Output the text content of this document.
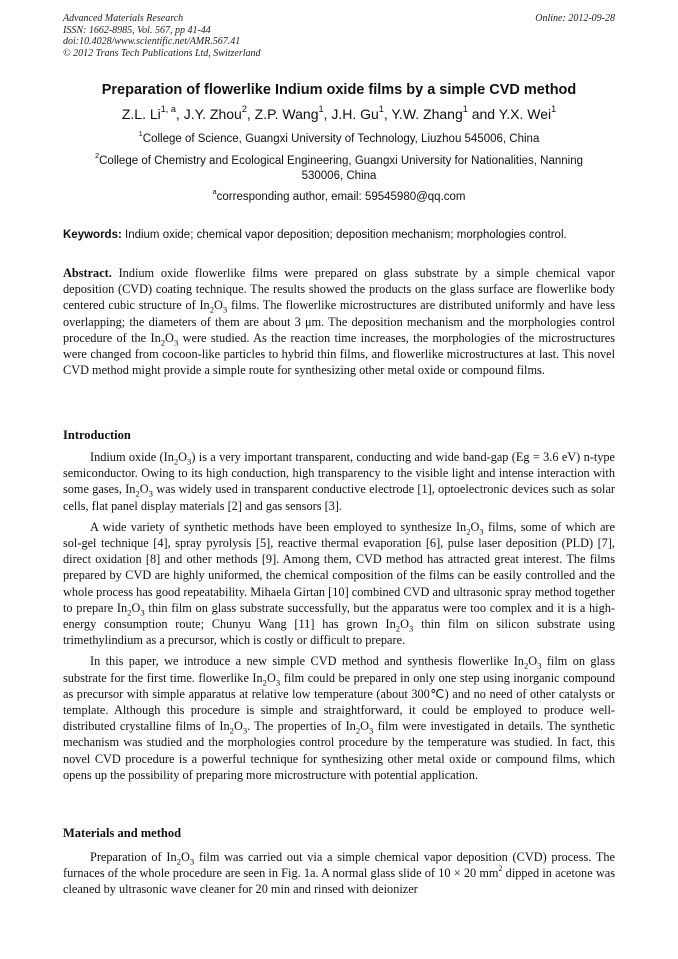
Advanced Materials Research
ISSN: 1662-8985, Vol. 567, pp 41-44
doi:10.4028/www.scientific.net/AMR.567.41
© 2012 Trans Tech Publications Ltd, Switzerland
Online: 2012-09-28
Preparation of flowerlike Indium oxide films by a simple CVD method
Z.L. Li$^{1, a}$, J.Y. Zhou$^2$, Z.P. Wang$^1$, J.H. Gu$^1$, Y.W. Zhang$^1$ and Y.X. Wei$^1$
$^1$College of Science, Guangxi University of Technology, Liuzhou 545006, China
$^2$College of Chemistry and Ecological Engineering, Guangxi University for Nationalities, Nanning
530006, China
$^a$corresponding author, email: 59545980@qq.com
Keywords: Indium oxide; chemical vapor deposition; deposition mechanism; morphologies control.

Abstract. Indium oxide flowerlike films were prepared on glass substrate by a simple chemical vapor deposition (CVD) coating technique. The results showed the products on the glass surface are flowerlike body centered cubic structure of $In_2O_3$ films. The flowerlike microstructures are distributed uniformly and have less overlapping; the diameters of them are about 3 μm. The deposition mechanism and the morphologies control procedure of the $In_2O_3$ were studied. As the reaction time increases, the morphologies of the microstructures were changed from cocoon-like particles to hybrid thin films, and flowerlike microstructures at last. This novel CVD method might provide a simple route for synthesizing other metal oxide or compound films.

Introduction

Indium oxide $(In_2O_3)$ is a very important transparent, conducting and wide band-gap (Eg = 3.6 eV) n-type semiconductor. Owing to its high conduction, high transparency to the visible light and intense interaction with some gases, $In_2O_3$ was widely used in transparent conductive electrode [1], optoelectronic devices such as solar cells, flat panel display materials [2] and gas sensors [3].

A wide variety of synthetic methods have been employed to synthesize $In_2O_3$ films, some of which are sol-gel technique [4], spray pyrolysis [5], reactive thermal evaporation [6], pulse laser deposition (PLD) [7], direct oxidation [8] and other methods [9]. Among them, CVD method has attracted great interest. The films prepared by CVD are highly uniformed, the chemical composition of the films can be easily controlled and the whole process has good repeatability. Mihaela Girtan [10] combined CVD and ultrasonic spray method together to prepare $In_2O_3$ thin film on glass substrate successfully, but the apparatus were too complex and it is a high-energy consumption route; Chunyu Wang [11] has grown $In_2O_3$ thin film on silicon substrate using trimethylindium as a precursor, which is costly or difficult to prepare.

In this paper, we introduce a new simple CVD method and synthesis flowerlike $In_2O_3$ film on glass substrate for the first time. flowerlike $In_2O_3$ film could be prepared in only one step using inorganic compound as precursor with simple apparatus at relative low temperature (about 300℃) and no need of other catalysts or template. Although this procedure is simple and straightforward, it could be employed to produce well-distributed crystalline films of $In_2O_3$. The properties of $In_2O_3$ film were investigated in details. The synthetic mechanism was studied and the morphologies control procedure by the temperature was studied. In fact, this novel CVD procedure is a powerful technique for synthesizing other metal oxide or compound films, which opens up the possibility of preparing more microstructure with potential application.

Materials and method

Preparation of $In_2O_3$ film was carried out via a simple chemical vapor deposition (CVD) process. The furnaces of the whole procedure are seen in Fig. 1a. A normal glass slide of 10 × 20 $mm^2$ dipped in acetone was cleaned by ultrasonic wave cleaner for 20 min and rinsed with deionizer
